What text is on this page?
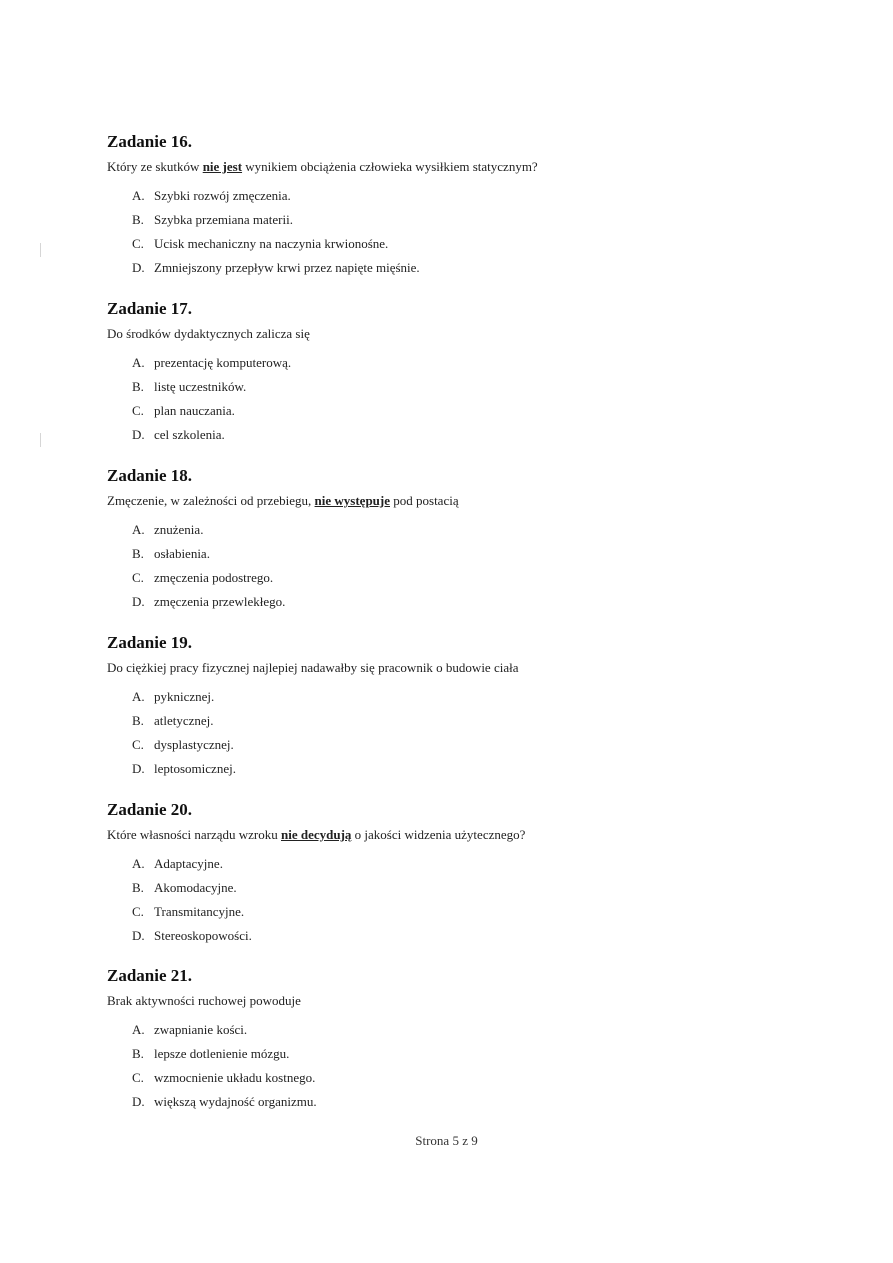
Zadanie 16.

Który ze skutków nie jest wynikiem obciążenia człowieka wysiłkiem statycznym?

A. Szybki rozwój zmęczenia.
B. Szybka przemiana materii.
C. Ucisk mechaniczny na naczynia krwionośne.
D. Zmniejszony przepływ krwi przez napięte mięśnie.
Zadanie 17.

Do środków dydaktycznych zalicza się

A. prezentację komputerową.
B. listę uczestników.
C. plan nauczania.
D. cel szkolenia.
Zadanie 18.

Zmęczenie, w zależności od przebiegu, nie występuje pod postacią

A. znużenia.
B. osłabienia.
C. zmęczenia podostrego.
D. zmęczenia przewlekłego.
Zadanie 19.

Do ciężkiej pracy fizycznej najlepiej nadawałby się pracownik o budowie ciała

A. pyknicznej.
B. atletycznej.
C. dysplastycznej.
D. leptosomicznej.
Zadanie 20.

Które własności narządu wzroku nie decydują o jakości widzenia użytecznego?

A. Adaptacyjne.
B. Akomodacyjne.
C. Transmitancyjne.
D. Stereoskopowości.
Zadanie 21.

Brak aktywności ruchowej powoduje

A. zwapnianie kości.
B. lepsze dotlenienie mózgu.
C. wzmocnienie układu kostnego.
D. większą wydajność organizmu.
Strona 5 z 9
